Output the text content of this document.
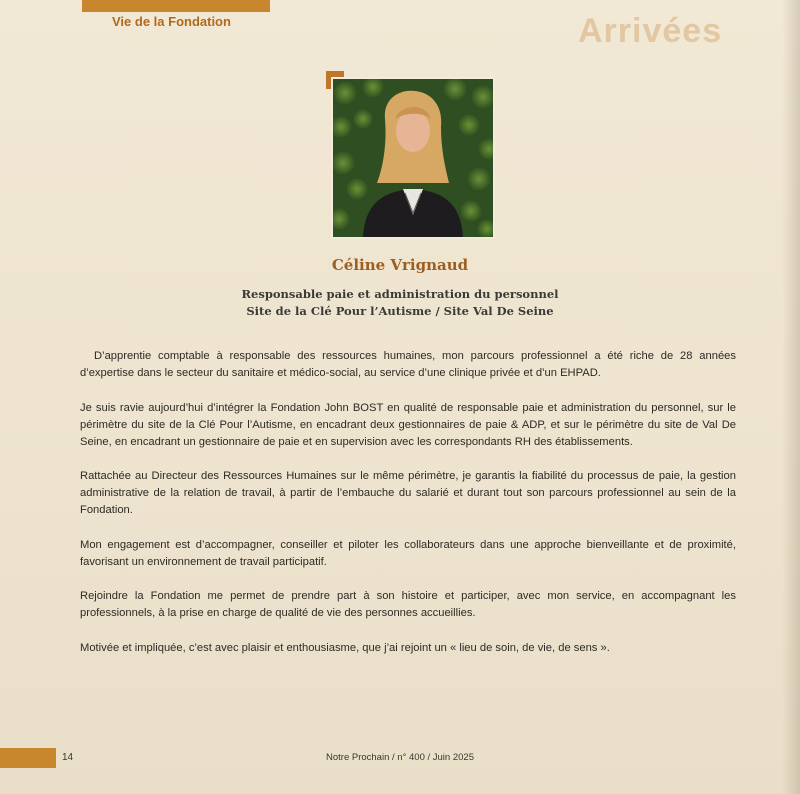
Vie de la Fondation	Arrivées
Céline Vrignaud
Responsable paie et administration du personnel
Site de la Clé Pour l’Autisme / Site Val De Seine

D’apprentie comptable à responsable des ressources humaines, mon parcours professionnel a été riche de 28 années d’expertise dans le secteur du sanitaire et médico-social, au service d’une clinique privée et d’un EHPAD.

Je suis ravie aujourd’hui d’intégrer la Fondation John BOST en qualité de responsable paie et administration du personnel, sur le périmètre du site de la Clé Pour l’Autisme, en encadrant deux gestionnaires de paie & ADP, et sur le périmètre du site de Val De Seine, en encadrant un gestionnaire de paie et en supervision avec les correspondants RH des établissements.

Rattachée au Directeur des Ressources Humaines sur le même périmètre, je garantis la fiabilité du processus de paie, la gestion administrative de la relation de travail, à partir de l’embauche du salarié et durant tout son parcours professionnel au sein de la Fondation.

Mon engagement est d’accompagner, conseiller et piloter les collaborateurs dans une approche bienveillante et de proximité, favorisant un environnement de travail participatif.

Rejoindre la Fondation me permet de prendre part à son histoire et participer, avec mon service, en accompagnant les professionnels, à la prise en charge de qualité de vie des personnes accueillies.

Motivée et impliquée, c’est avec plaisir et enthousiasme, que j’ai rejoint un « lieu de soin, de vie, de sens ».

14	Notre Prochain / n° 400 / Juin 2025
